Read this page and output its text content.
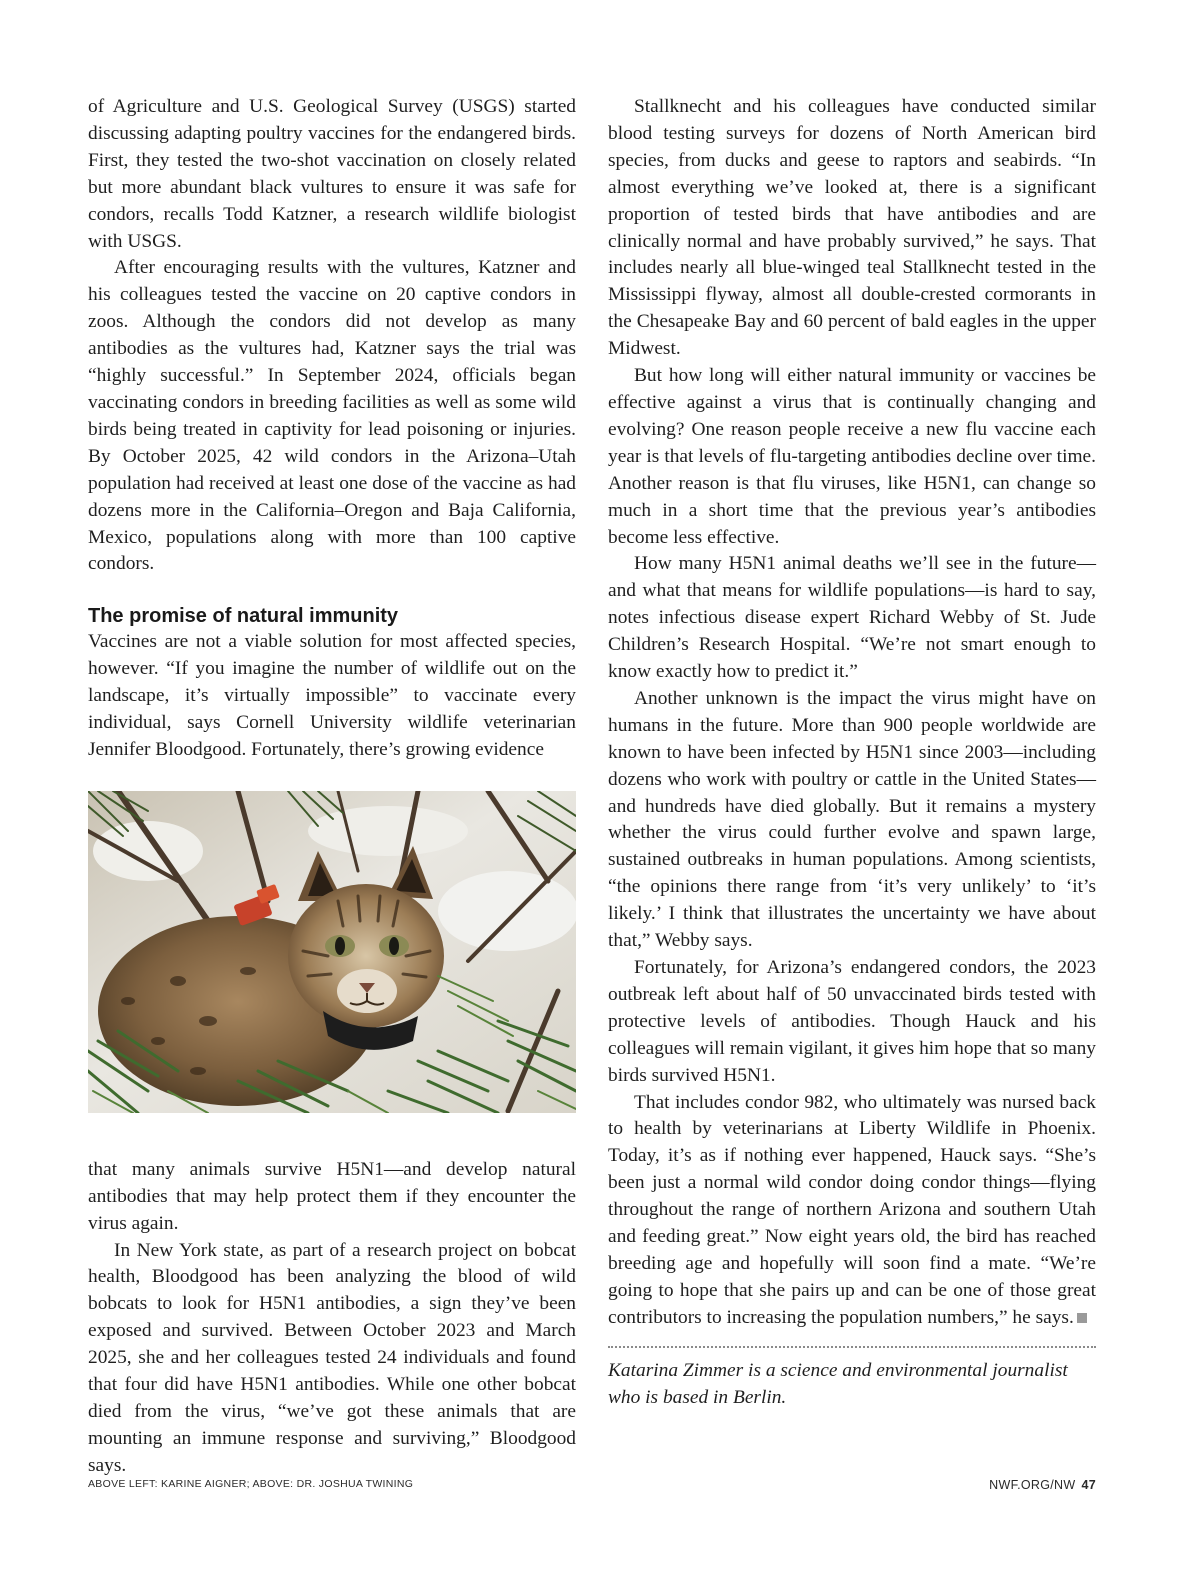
of Agriculture and U.S. Geological Survey (USGS) started discussing adapting poultry vaccines for the endangered birds. First, they tested the two-shot vaccination on closely related but more abundant black vultures to ensure it was safe for condors, recalls Todd Katzner, a research wildlife biologist with USGS.

After encouraging results with the vultures, Katzner and his colleagues tested the vaccine on 20 captive condors in zoos. Although the condors did not develop as many antibodies as the vultures had, Katzner says the trial was “highly successful.” In September 2024, officials began vaccinating condors in breeding facilities as well as some wild birds being treated in captivity for lead poisoning or injuries. By October 2025, 42 wild condors in the Arizona–Utah population had received at least one dose of the vaccine as had dozens more in the California–Oregon and Baja California, Mexico, populations along with more than 100 captive condors.

The promise of natural immunity

Vaccines are not a viable solution for most affected species, however. “If you imagine the number of wildlife out on the landscape, it’s virtually impossible” to vaccinate every individual, says Cornell University wildlife veterinarian Jennifer Bloodgood. Fortunately, there’s growing evidence

that many animals survive H5N1—and develop natural antibodies that may help protect them if they encounter the virus again.

In New York state, as part of a research project on bobcat health, Bloodgood has been analyzing the blood of wild bobcats to look for H5N1 antibodies, a sign they’ve been exposed and survived. Between October 2023 and March 2025, she and her colleagues tested 24 individuals and found that four did have H5N1 antibodies. While one other bobcat died from the virus, “we’ve got these animals that are mounting an immune response and surviving,” Bloodgood says.

Stallknecht and his colleagues have conducted similar blood testing surveys for dozens of North American bird species, from ducks and geese to raptors and seabirds. “In almost everything we’ve looked at, there is a significant proportion of tested birds that have antibodies and are clinically normal and have probably survived,” he says. That includes nearly all blue-winged teal Stallknecht tested in the Mississippi flyway, almost all double-crested cormorants in the Chesapeake Bay and 60 percent of bald eagles in the upper Midwest.

But how long will either natural immunity or vaccines be effective against a virus that is continually changing and evolving? One reason people receive a new flu vaccine each year is that levels of flu-targeting antibodies decline over time. Another reason is that flu viruses, like H5N1, can change so much in a short time that the previous year’s antibodies become less effective.

How many H5N1 animal deaths we’ll see in the future—and what that means for wildlife populations—is hard to say, notes infectious disease expert Richard Webby of St. Jude Children’s Research Hospital. “We’re not smart enough to know exactly how to predict it.”

Another unknown is the impact the virus might have on humans in the future. More than 900 people worldwide are known to have been infected by H5N1 since 2003—including dozens who work with poultry or cattle in the United States—and hundreds have died globally. But it remains a mystery whether the virus could further evolve and spawn large, sustained outbreaks in human populations. Among scientists, “the opinions there range from ‘it’s very unlikely’ to ‘it’s likely.’ I think that illustrates the uncertainty we have about that,” Webby says.

Fortunately, for Arizona’s endangered condors, the 2023 outbreak left about half of 50 unvaccinated birds tested with protective levels of antibodies. Though Hauck and his colleagues will remain vigilant, it gives him hope that so many birds survived H5N1.

That includes condor 982, who ultimately was nursed back to health by veterinarians at Liberty Wildlife in Phoenix. Today, it’s as if nothing ever happened, Hauck says. “She’s been just a normal wild condor doing condor things—flying throughout the range of northern Arizona and southern Utah and feeding great.” Now eight years old, the bird has reached breeding age and hopefully will soon find a mate. “We’re going to hope that she pairs up and can be one of those great contributors to increasing the population numbers,” he says.

Katarina Zimmer is a science and environmental journalist who is based in Berlin.

ABOVE LEFT: KARINE AIGNER; ABOVE: DR. JOSHUA TWINING	NWF.ORG/NW 47
